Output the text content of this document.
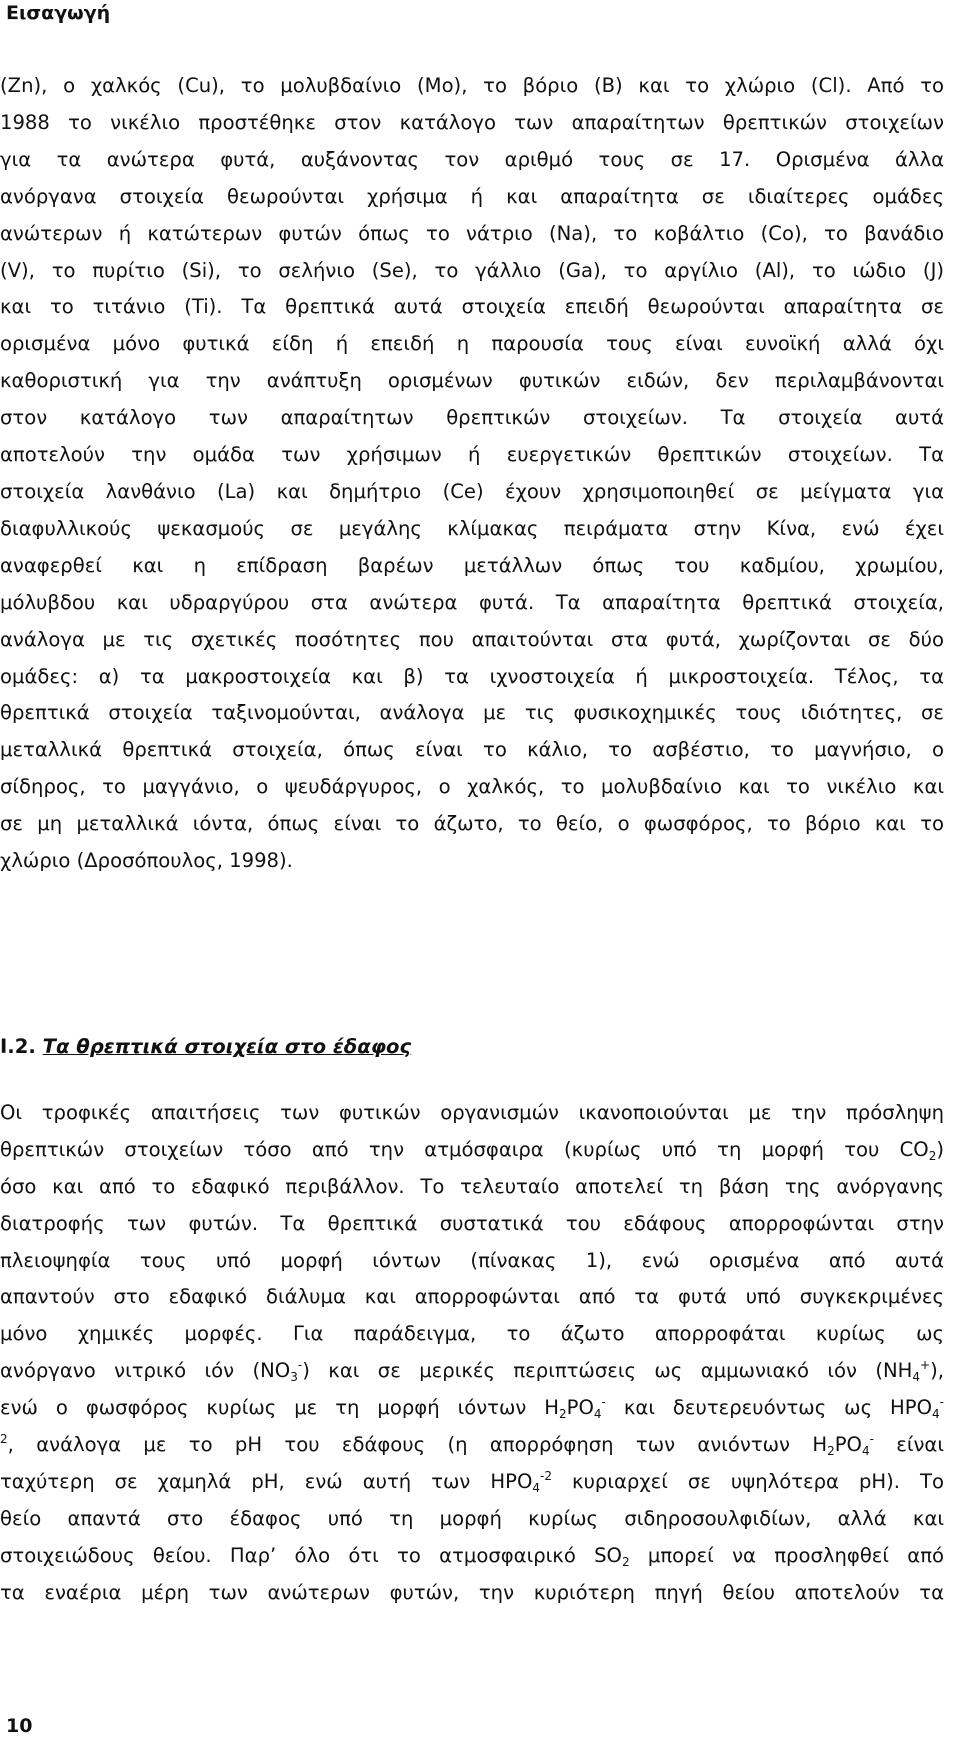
Εισαγωγή
(Zn), ο χαλκός (Cu), το μολυβδαίνιο (Mo), το βόριο (B) και το χλώριο (Cl). Από το
1988 το νικέλιο προστέθηκε στον κατάλογο των απαραίτητων θρεπτικών στοιχείων
για τα ανώτερα φυτά, αυξάνοντας τον αριθμό τους σε 17. Ορισμένα άλλα
ανόργανα στοιχεία θεωρούνται χρήσιμα ή και απαραίτητα σε ιδιαίτερες ομάδες
ανώτερων ή κατώτερων φυτών όπως το νάτριο (Na), το κοβάλτιο (Co), το βανάδιο
(V), το πυρίτιο (Si), το σελήνιο (Se), το γάλλιο (Ga), το αργίλιο (Al), το ιώδιο (J)
και το τιτάνιο (Ti). Τα θρεπτικά αυτά στοιχεία επειδή θεωρούνται απαραίτητα σε
ορισμένα μόνο φυτικά είδη ή επειδή η παρουσία τους είναι ευνοϊκή αλλά όχι
καθοριστική για την ανάπτυξη ορισμένων φυτικών ειδών, δεν περιλαμβάνονται
στον κατάλογο των απαραίτητων θρεπτικών στοιχείων. Τα στοιχεία αυτά
αποτελούν την ομάδα των χρήσιμων ή ευεργετικών θρεπτικών στοιχείων. Τα
στοιχεία λανθάνιο (La) και δημήτριο (Ce) έχουν χρησιμοποιηθεί σε μείγματα για
διαφυλλικούς ψεκασμούς σε μεγάλης κλίμακας πειράματα στην Κίνα, ενώ έχει
αναφερθεί και η επίδραση βαρέων μετάλλων όπως του καδμίου, χρωμίου,
μόλυβδου και υδραργύρου στα ανώτερα φυτά. Τα απαραίτητα θρεπτικά στοιχεία,
ανάλογα με τις σχετικές ποσότητες που απαιτούνται στα φυτά, χωρίζονται σε δύο
ομάδες: α) τα μακροστοιχεία και β) τα ιχνοστοιχεία ή μικροστοιχεία. Τέλος, τα
θρεπτικά στοιχεία ταξινομούνται, ανάλογα με τις φυσικοχημικές τους ιδιότητες, σε
μεταλλικά θρεπτικά στοιχεία, όπως είναι το κάλιο, το ασβέστιο, το μαγνήσιο, ο
σίδηρος, το μαγγάνιο, ο ψευδάργυρος, ο χαλκός, το μολυβδαίνιο και το νικέλιο και
σε μη μεταλλικά ιόντα, όπως είναι το άζωτο, το θείο, ο φωσφόρος, το βόριο και το
χλώριο (Δροσόπουλος, 1998).
Ι.2. Τα θρεπτικά στοιχεία στο έδαφος
Οι τροφικές απαιτήσεις των φυτικών οργανισμών ικανοποιούνται με την πρόσληψη
θρεπτικών στοιχείων τόσο από την ατμόσφαιρα (κυρίως υπό τη μορφή του $CO_2$)
όσο και από το εδαφικό περιβάλλον. Το τελευταίο αποτελεί τη βάση της ανόργανης
διατροφής των φυτών. Τα θρεπτικά συστατικά του εδάφους απορροφώνται στην
πλειοψηφία τους υπό μορφή ιόντων (πίνακας 1), ενώ ορισμένα από αυτά
απαντούν στο εδαφικό διάλυμα και απορροφώνται από τα φυτά υπό συγκεκριμένες
μόνο χημικές μορφές. Για παράδειγμα, το άζωτο απορροφάται κυρίως ως
ανόργανο νιτρικό ιόν $(NO_3^-)$ και σε μερικές περιπτώσεις ως αμμωνιακό ιόν $(NH_4^+)$,
ενώ ο φωσφόρος κυρίως με τη μορφή ιόντων $H_2PO_4^-$ και δευτερευόντως ως $HPO_4^-$
$^2$, ανάλογα με το pH του εδάφους (η απορρόφηση των ανιόντων $H_2PO_4^-$ είναι
ταχύτερη σε χαμηλά pH, ενώ αυτή των $HPO_4^{-2}$ κυριαρχεί σε υψηλότερα pH). Το
θείο απαντά στο έδαφος υπό τη μορφή κυρίως σιδηροσουλφιδίων, αλλά και
στοιχειώδους θείου. Παρ’ όλο ότι το ατμοσφαιρικό $SO_2$ μπορεί να προσληφθεί από
τα εναέρια μέρη των ανώτερων φυτών, την κυριότερη πηγή θείου αποτελούν τα
10
